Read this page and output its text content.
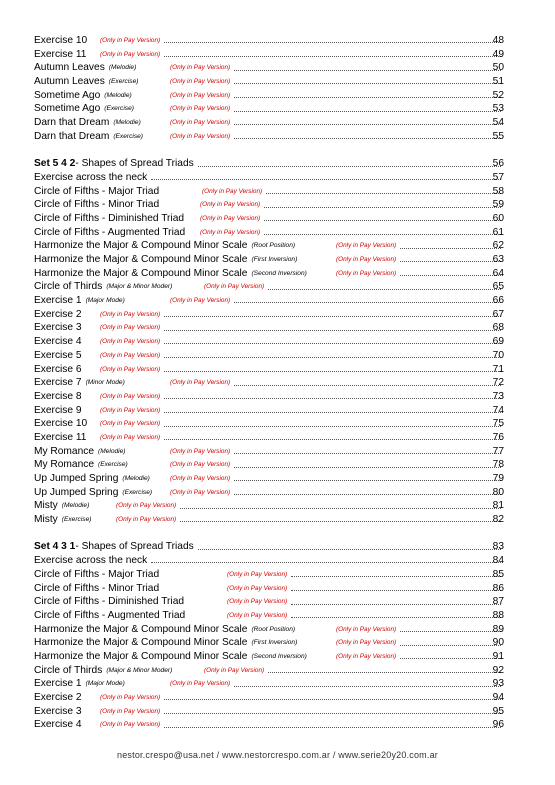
Exercise 10 (Only in Pay Version)	48
Exercise 11 (Only in Pay Version)	49
Autumn Leaves (Melodie)	(Only in Pay Version)	50
Autumn Leaves (Exercise)	(Only in Pay Version)	51
Sometime Ago (Melodie)	(Only in Pay Version)	52
Sometime Ago (Exercise)	(Only in Pay Version)	53
Darn that Dream (Melodie)	(Only in Pay Version)	54
Darn that Dream (Exercise)	(Only in Pay Version)	55
Set 5 4 2 - Shapes of Spread Triads	56
Exercise across the neck	57
Circle of Fifths - Major Triad	(Only in Pay Version)	58
Circle of Fifths - Minor Triad	(Only in Pay Version)	59
Circle of Fifths - Diminished Triad (Only in Pay Version)	60
Circle of Fifths - Augmented Triad (Only in Pay Version)	61
Harmonize the Major & Compound Minor Scale (Root Position)	(Only in Pay Version)	62
Harmonize the Major & Compound Minor Scale (First Inversion)	(Only in Pay Version)	63
Harmonize the Major & Compound Minor Scale (Second Inversion)	(Only in Pay Version)	64
Circle of Thirds (Major & Minor Moder)	(Only in Pay Version)	65
Exercise 1 (Major Mode)	(Only in Pay Version)	66
Exercise 2	(Only in Pay Version)	67
Exercise 3	(Only in Pay Version)	68
Exercise 4	(Only in Pay Version)	69
Exercise 5	(Only in Pay Version)	70
Exercise 6	(Only in Pay Version)	71
Exercise 7 (Minor Mode)	(Only in Pay Version)	72
Exercise 8	(Only in Pay Version)	73
Exercise 9	(Only in Pay Version)	74
Exercise 10 (Only in Pay Version)	75
Exercise 11 (Only in Pay Version)	76
My Romance (Melodie)	(Only in Pay Version)	77
My Romance (Exercise)	(Only in Pay Version)	78
Up Jumped Spring (Melodie)	(Only in Pay Version)	79
Up Jumped Spring (Exercise)	(Only in Pay Version)	80
Misty (Melodie)	(Only in Pay Version)	81
Misty (Exercise)	(Only in Pay Version)	82
Set 4 3 1 - Shapes of Spread Triads	83
Exercise across the neck	84
Circle of Fifths - Major Triad	(Only in Pay Version)	85
Circle of Fifths - Minor Triad	(Only in Pay Version)	86
Circle of Fifths - Diminished Triad	(Only in Pay Version)	87
Circle of Fifths - Augmented Triad	(Only in Pay Version)	88
Harmonize the Major & Compound Minor Scale (Root Position)	(Only in Pay Version)	89
Harmonize the Major & Compound Minor Scale (First Inversion)	(Only in Pay Version)	90
Harmonize the Major & Compound Minor Scale (Second Inversion)	(Only in Pay Version)	91
Circle of Thirds (Major & Minor Moder)	(Only in Pay Version)	92
Exercise 1 (Major Mode)	(Only in Pay Version)	93
Exercise 2	(Only in Pay Version)	94
Exercise 3	(Only in Pay Version)	95
Exercise 4	(Only in Pay Version)	96
nestor.crespo@usa.net / www.nestorcrespo.com.ar / www.serie20y20.com.ar
